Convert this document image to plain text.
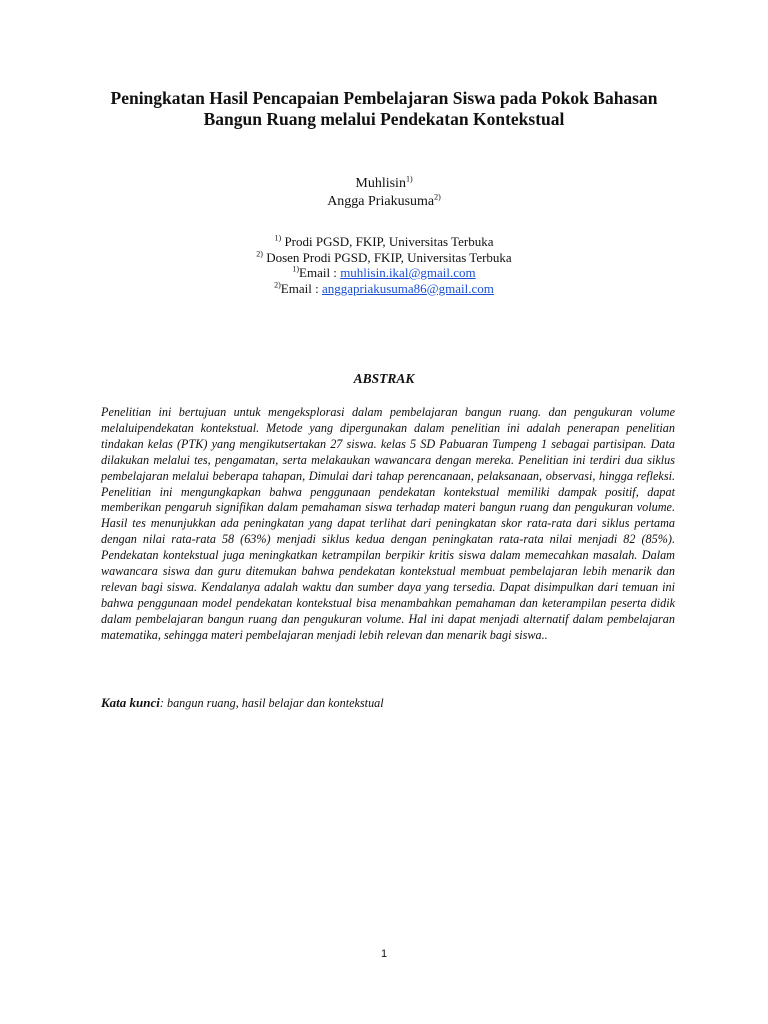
Peningkatan Hasil Pencapaian Pembelajaran Siswa pada Pokok Bahasan
Bangun Ruang melalui Pendekatan Kontekstual
Muhlisin$^{1)}$
Angga Priakusuma$^{2)}$
$^{1)}$ Prodi PGSD, FKIP, Universitas Terbuka
$^{2)}$ Dosen Prodi PGSD, FKIP, Universitas Terbuka
$^{1)}$Email : muhlisin.ikal@gmail.com
$^{2)}$Email : anggapriakusuma86@gmail.com
ABSTRAK

Penelitian ini bertujuan untuk mengeksplorasi dalam pembelajaran bangun ruang. dan pengukuran volume melaluipendekatan kontekstual. Metode yang dipergunakan dalam penelitian ini adalah penerapan penelitian tindakan kelas (PTK) yang mengikutsertakan 27 siswa. kelas 5 SD Pabuaran Tumpeng 1 sebagai partisipan. Data dilakukan melalui tes, pengamatan, serta melakaukan wawancara dengan mereka. Penelitian ini terdiri dua siklus pembelajaran melalui beberapa tahapan, Dimulai dari tahap perencanaan, pelaksanaan, observasi, hingga refleksi. Penelitian ini mengungkapkan bahwa penggunaan pendekatan kontekstual memiliki dampak positif, dapat memberikan pengaruh signifikan dalam pemahaman siswa terhadap materi bangun ruang dan pengukuran volume. Hasil tes menunjukkan ada peningkatan yang dapat terlihat dari peningkatan skor rata-rata dari siklus pertama dengan nilai rata-rata 58 (63%) menjadi siklus kedua dengan peningkatan rata-rata nilai menjadi 82 (85%). Pendekatan kontekstual juga meningkatkan ketrampilan berpikir kritis siswa dalam memecahkan masalah. Dalam wawancara siswa dan guru ditemukan bahwa pendekatan kontekstual membuat pembelajaran lebih menarik dan relevan bagi siswa. Kendalanya adalah waktu dan sumber daya yang tersedia. Dapat disimpulkan dari temuan ini bahwa penggunaan model pendekatan kontekstual bisa menambahkan pemahaman dan keterampilan peserta didik dalam pembelajaran bangun ruang dan pengukuran volume. Hal ini dapat menjadi alternatif dalam pembelajaran matematika, sehingga materi pembelajaran menjadi lebih relevan dan menarik bagi siswa..

Kata kunci: bangun ruang, hasil belajar dan kontekstual

1
